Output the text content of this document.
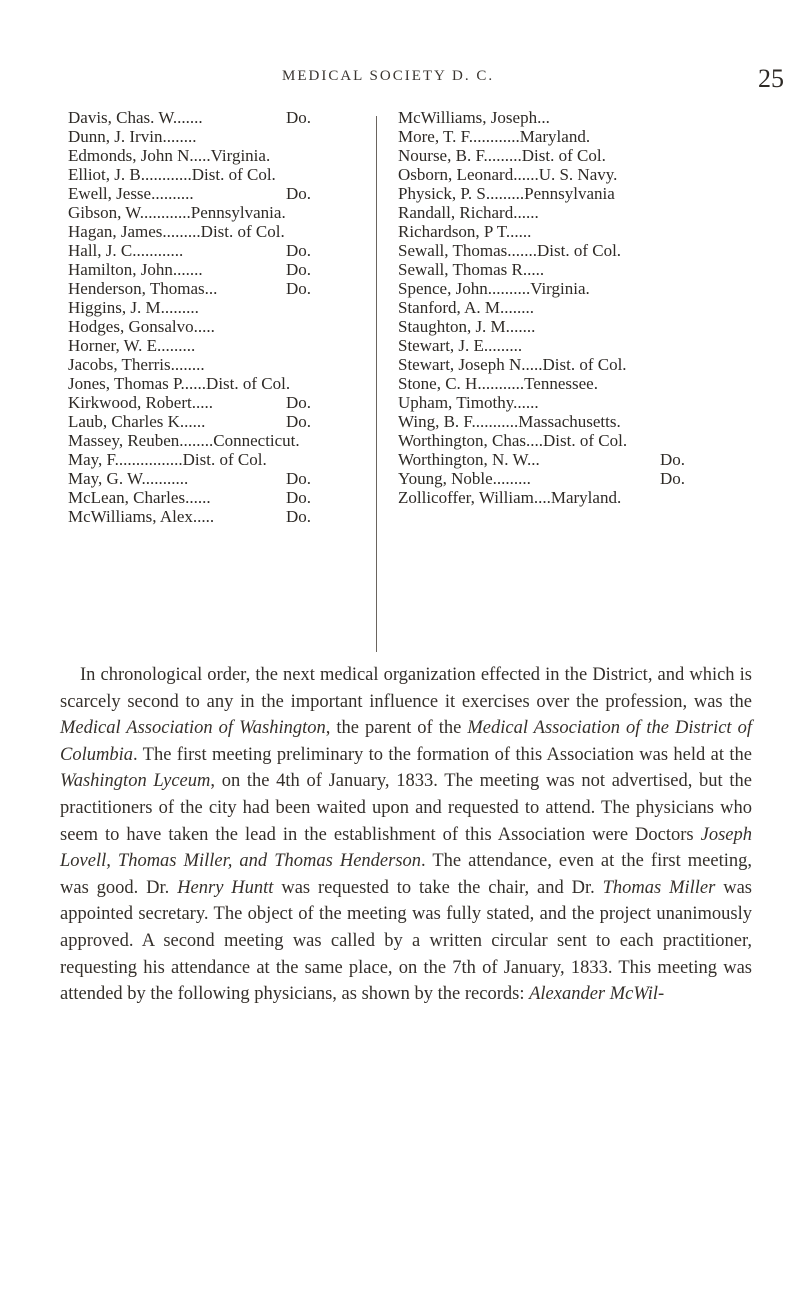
MEDICAL SOCIETY D. C.	25
Davis, Chas. W.......	Do.
Dunn, J. Irvin........
Edmonds, John N.....Virginia.
Elliot, J. B............Dist. of Col.
Ewell, Jesse..........	Do.
Gibson, W............Pennsylvania.
Hagan, James.........Dist. of Col.
Hall, J. C............	Do.
Hamilton, John.......	Do.
Henderson, Thomas...	Do.
Higgins, J. M.........
Hodges, Gonsalvo.....
Horner, W. E.........
Jacobs, Therris........
Jones, Thomas P......Dist. of Col.
Kirkwood, Robert.....	Do.
Laub, Charles K......	Do.
Massey, Reuben........Connecticut.
May, F................Dist. of Col.
May, G. W...........	Do.
McLean, Charles......	Do.
McWilliams, Alex.....	Do.
McWilliams, Joseph...
More, T. F............Maryland.
Nourse, B. F.........Dist. of Col.
Osborn, Leonard......U. S. Navy.
Physick, P. S.........Pennsylvania
Randall, Richard......
Richardson, P T......
Sewall, Thomas.......Dist. of Col.
Sewall, Thomas R.....
Spence, John..........Virginia.
Stanford, A. M........
Staughton, J. M.......
Stewart, J. E.........
Stewart, Joseph N.....Dist. of Col.
Stone, C. H...........Tennessee.
Upham, Timothy......
Wing, B. F...........Massachusetts.
Worthington, Chas....Dist. of Col.
Worthington, N. W...	Do.
Young, Noble.........	Do.
Zollicoffer, William....Maryland.

In chronological order, the next medical organization effected in the District, and which is scarcely second to any in the important influence it exercises over the profession, was the Medical Association of Washington, the parent of the Medical Association of the District of Columbia. The first meeting preliminary to the formation of this Association was held at the Washington Lyceum, on the 4th of January, 1833. The meeting was not advertised, but the practitioners of the city had been waited upon and requested to attend. The physicians who seem to have taken the lead in the establishment of this Association were Doctors Joseph Lovell, Thomas Miller, and Thomas Henderson. The attendance, even at the first meeting, was good. Dr. Henry Huntt was requested to take the chair, and Dr. Thomas Miller was appointed secretary. The object of the meeting was fully stated, and the project unanimously approved. A second meeting was called by a written circular sent to each practitioner, requesting his attendance at the same place, on the 7th of January, 1833. This meeting was attended by the following physicians, as shown by the records: Alexander McWil-
